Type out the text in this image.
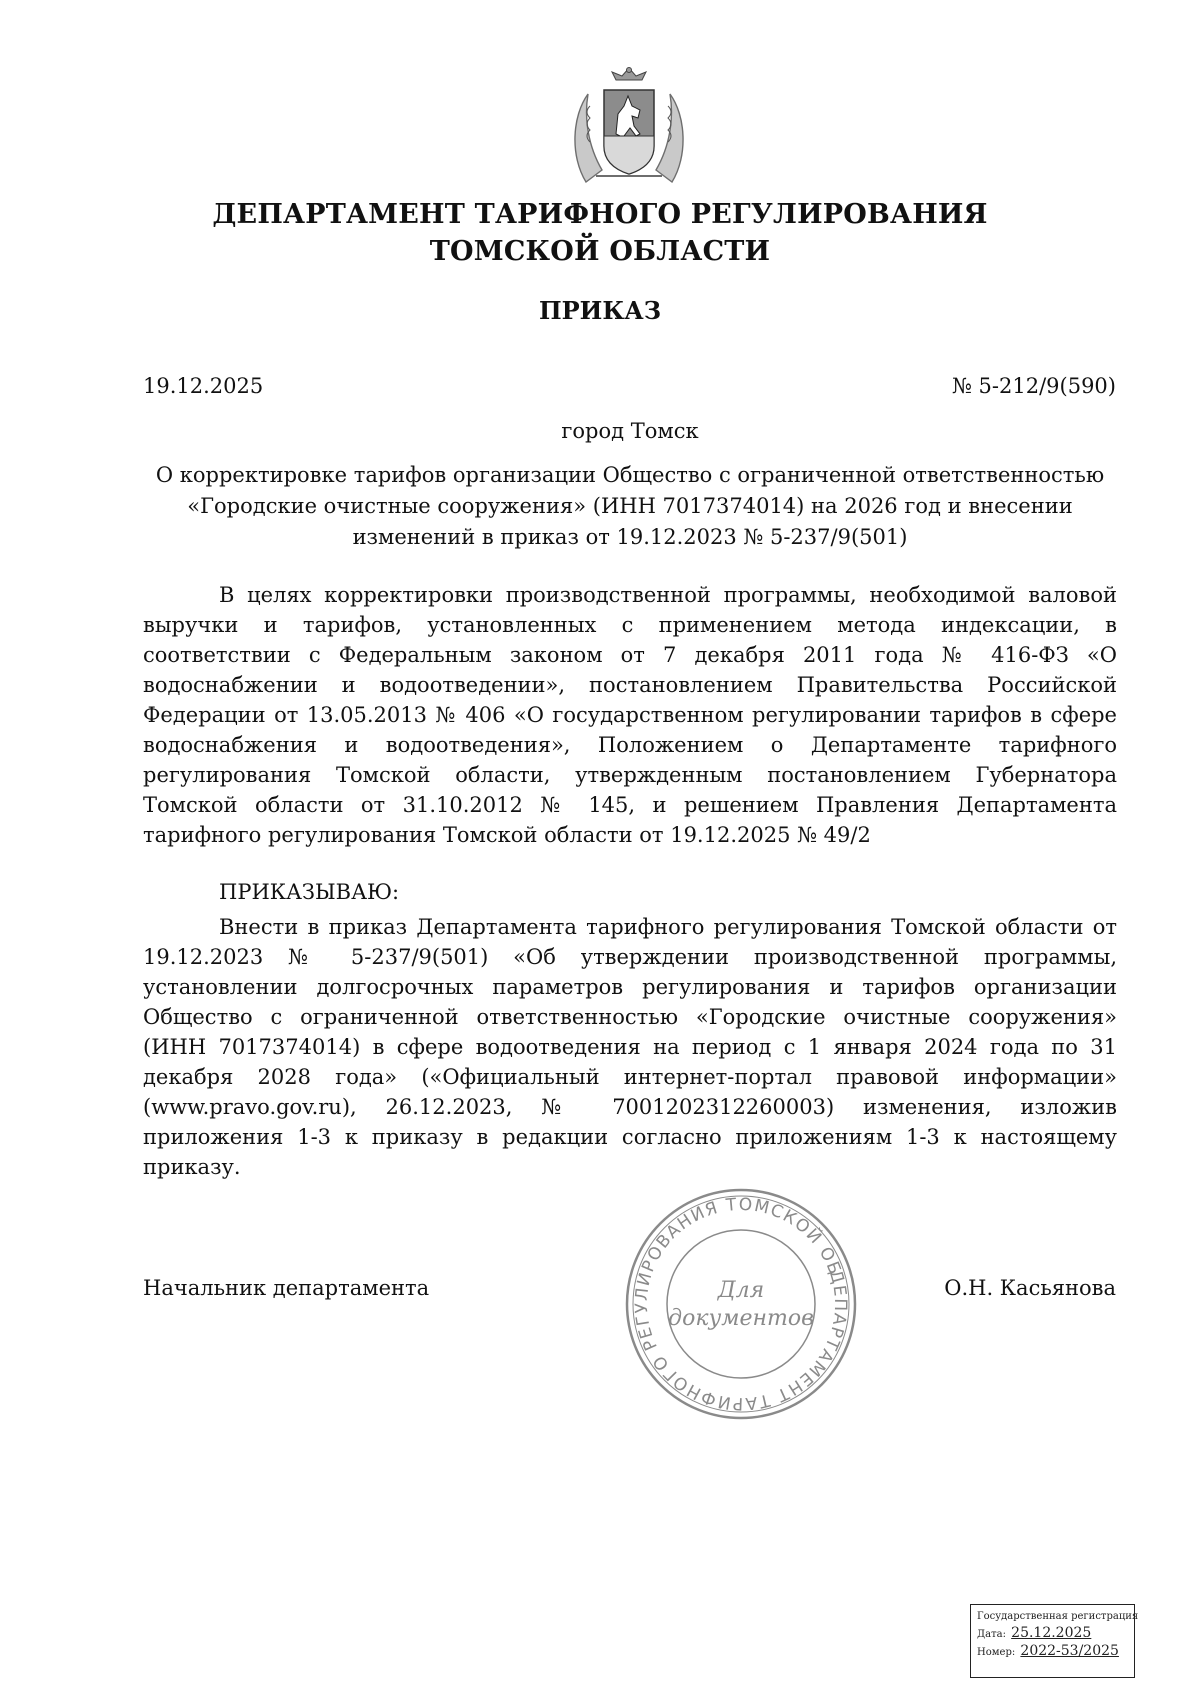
ДЕПАРТАМЕНТ ТАРИФНОГО РЕГУЛИРОВАНИЯ
ТОМСКОЙ ОБЛАСТИ
ПРИКАЗ
19.12.2025	№ 5-212/9(590)
город Томск
О корректировке тарифов организации Общество с ограниченной ответственностью
«Городские очистные сооружения» (ИНН 7017374014) на 2026 год и внесении
изменений в приказ от 19.12.2023 № 5-237/9(501)
В целях корректировки производственной программы, необходимой валовой
выручки и тарифов, установленных с применением метода индексации, в
соответствии с Федеральным законом от 7 декабря 2011 года № 416-ФЗ «О
водоснабжении и водоотведении», постановлением Правительства Российской
Федерации от 13.05.2013 № 406 «О государственном регулировании тарифов в сфере
водоснабжения и водоотведения», Положением о Департаменте тарифного
регулирования Томской области, утвержденным постановлением Губернатора
Томской области от 31.10.2012 № 145, и решением Правления Департамента
тарифного регулирования Томской области от 19.12.2025 № 49/2
ПРИКАЗЫВАЮ:
Внести в приказ Департамента тарифного регулирования Томской области от
19.12.2023 № 5-237/9(501) «Об утверждении производственной программы,
установлении долгосрочных параметров регулирования и тарифов организации
Общество с ограниченной ответственностью «Городские очистные сооружения»
(ИНН 7017374014) в сфере водоотведения на период с 1 января 2024 года по 31
декабря 2028 года» («Официальный интернет-портал правовой информации»
(www.pravo.gov.ru), 26.12.2023, № 7001202312260003) изменения, изложив
приложения 1-3 к приказу в редакции согласно приложениям 1-3 к настоящему
приказу.
Начальник департамента	О.Н. Касьянова
ДЕПАРТАМЕНТ ТАРИФНОГО РЕГУЛИРОВАНИЯ ТОМСКОЙ ОБЛАСТИ
Для
документов
Государственная регистрация
Дата: 25.12.2025
Номер: 2022-53/2025
